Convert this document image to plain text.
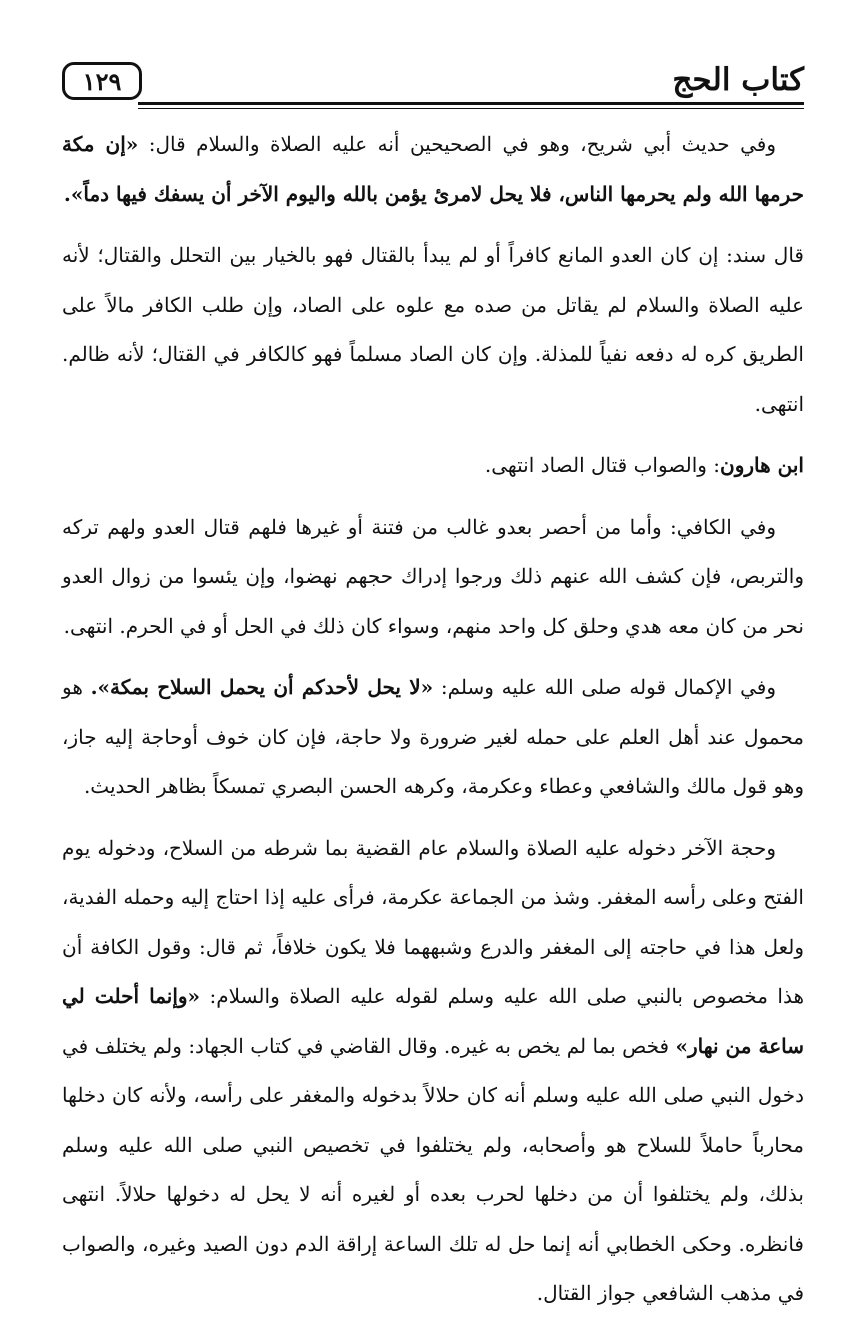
١٢٩	كتاب الحج

وفي حديث أبي شريح، وهو في الصحيحين أنه عليه الصلاة والسلام قال: «إن مكة حرمها الله ولم يحرمها الناس، فلا يحل لامرئ يؤمن بالله واليوم الآخر أن يسفك فيها دماً».

قال سند: إن كان العدو المانع كافراً أو لم يبدأ بالقتال فهو بالخيار بين التحلل والقتال؛ لأنه عليه الصلاة والسلام لم يقاتل من صده مع علوه على الصاد، وإن طلب الكافر مالاً على الطريق كره له دفعه نفياً للمذلة. وإن كان الصاد مسلماً فهو كالكافر في القتال؛ لأنه ظالم. انتهى.

ابن هارون: والصواب قتال الصاد انتهى.

وفي الكافي: وأما من أحصر بعدو غالب من فتنة أو غيرها فلهم قتال العدو ولهم تركه والتربص، فإن كشف الله عنهم ذلك ورجوا إدراك حجهم نهضوا، وإن يئسوا من زوال العدو نحر من كان معه هدي وحلق كل واحد منهم، وسواء كان ذلك في الحل أو في الحرم. انتهى.

وفي الإكمال قوله صلى الله عليه وسلم: «لا يحل لأحدكم أن يحمل السلاح بمكة». هو محمول عند أهل العلم على حمله لغير ضرورة ولا حاجة، فإن كان خوف أوحاجة إليه جاز، وهو قول مالك والشافعي وعطاء وعكرمة، وكرهه الحسن البصري تمسكاً بظاهر الحديث.

وحجة الآخر دخوله عليه الصلاة والسلام عام القضية بما شرطه من السلاح، ودخوله يوم الفتح وعلى رأسه المغفر. وشذ من الجماعة عكرمة، فرأى عليه إذا احتاج إليه وحمله الفدية، ولعل هذا في حاجته إلى المغفر والدرع وشبههما فلا يكون خلافاً، ثم قال: وقول الكافة أن هذا مخصوص بالنبي صلى الله عليه وسلم لقوله عليه الصلاة والسلام: «وإنما أحلت لي ساعة من نهار» فخص بما لم يخص به غيره. وقال القاضي في كتاب الجهاد: ولم يختلف في دخول النبي صلى الله عليه وسلم أنه كان حلالاً بدخوله والمغفر على رأسه، ولأنه كان دخلها محارباً حاملاً للسلاح هو وأصحابه، ولم يختلفوا في تخصيص النبي صلى الله عليه وسلم بذلك، ولم يختلفوا أن من دخلها لحرب بعده أو لغيره أنه لا يحل له دخولها حلالاً. انتهى فانظره. وحكى الخطابي أنه إنما حل له تلك الساعة إراقة الدم دون الصيد وغيره، والصواب في مذهب الشافعي جواز القتال.
